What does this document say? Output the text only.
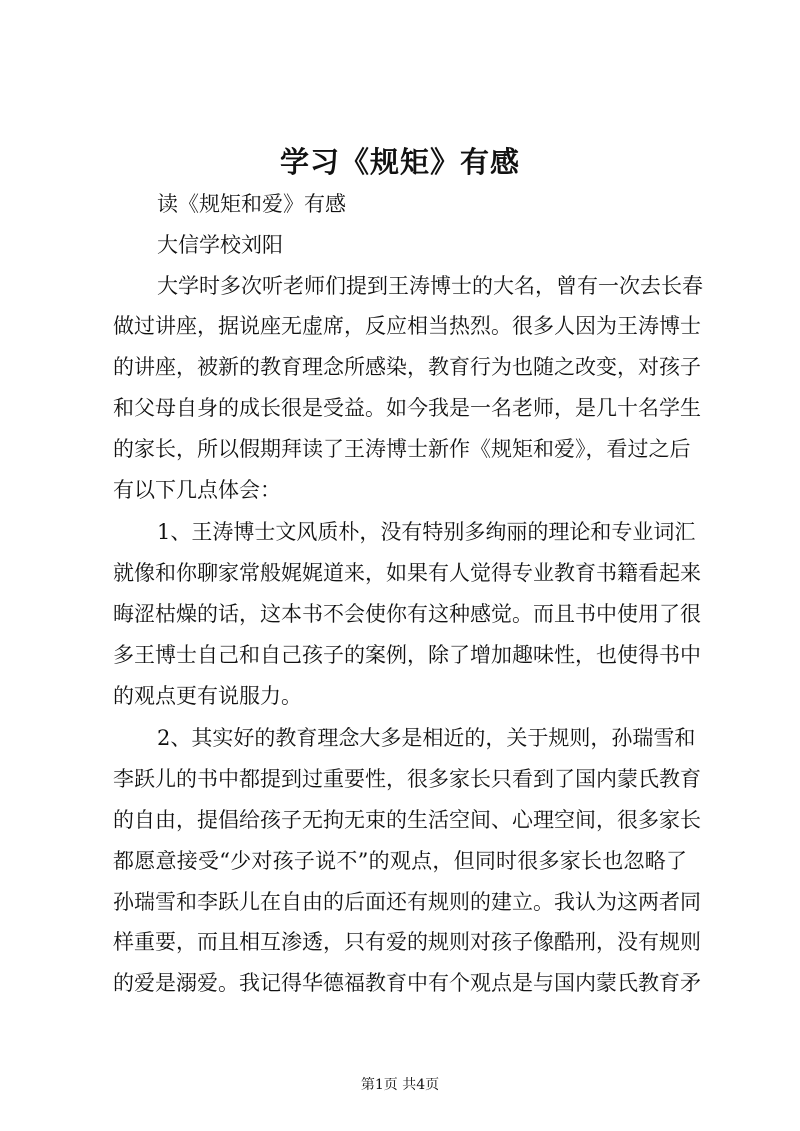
学习《规矩》有感
读《规矩和爱》有感
大信学校刘阳
大学时多次听老师们提到王涛博士的大名，曾有一次去长春
做过讲座，据说座无虚席，反应相当热烈。很多人因为王涛博士
的讲座，被新的教育理念所感染，教育行为也随之改变，对孩子
和父母自身的成长很是受益。如今我是一名老师，是几十名学生
的家长，所以假期拜读了王涛博士新作《规矩和爱》，看过之后
有以下几点体会：
1、王涛博士文风质朴，没有特别多绚丽的理论和专业词汇
就像和你聊家常般娓娓道来，如果有人觉得专业教育书籍看起来
晦涩枯燥的话，这本书不会使你有这种感觉。而且书中使用了很
多王博士自己和自己孩子的案例，除了增加趣味性，也使得书中
的观点更有说服力。
2、其实好的教育理念大多是相近的，关于规则，孙瑞雪和
李跃儿的书中都提到过重要性，很多家长只看到了国内蒙氏教育
的自由，提倡给孩子无拘无束的生活空间、心理空间，很多家长
都愿意接受“少对孩子说不”的观点，但同时很多家长也忽略了
孙瑞雪和李跃儿在自由的后面还有规则的建立。我认为这两者同
样重要，而且相互渗透，只有爱的规则对孩子像酷刑，没有规则
的爱是溺爱。我记得华德福教育中有个观点是与国内蒙氏教育矛
第1页 共4页
